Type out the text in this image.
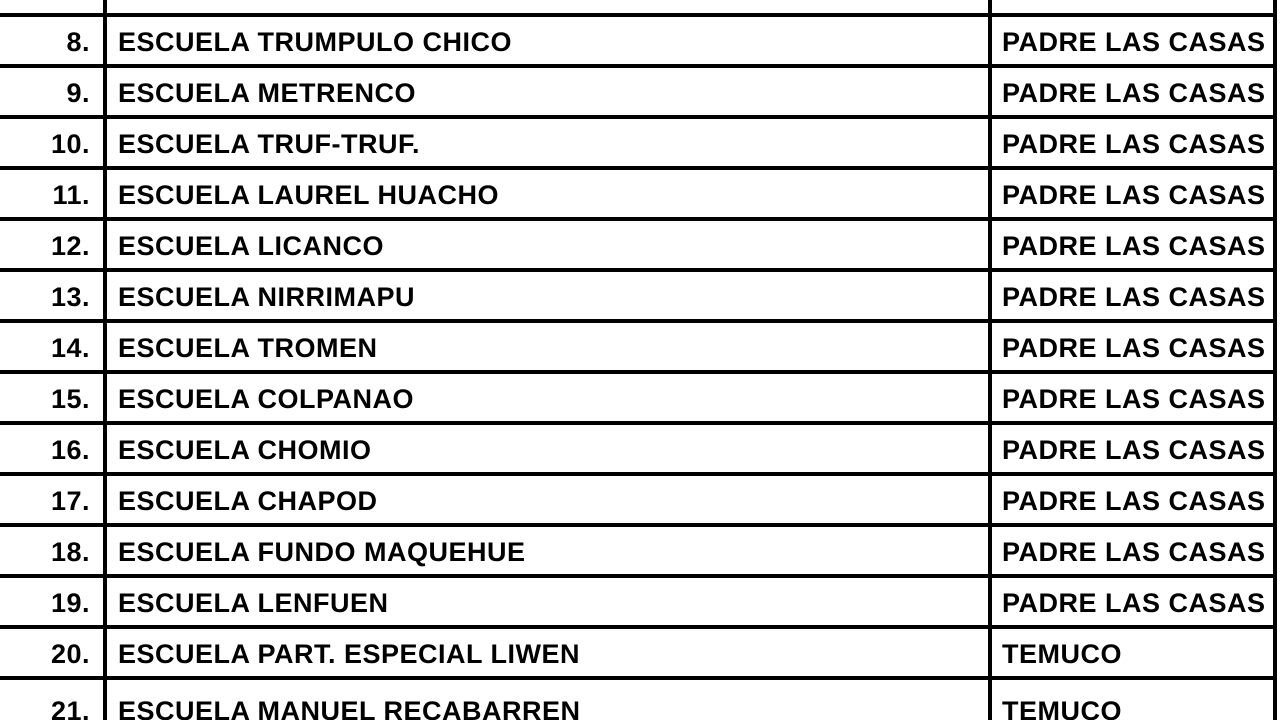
8.	ESCUELA TRUMPULO CHICO	PADRE LAS CASAS
9.	ESCUELA METRENCO	PADRE LAS CASAS
10.	ESCUELA TRUF-TRUF.	PADRE LAS CASAS
11.	ESCUELA LAUREL HUACHO	PADRE LAS CASAS
12.	ESCUELA LICANCO	PADRE LAS CASAS
13.	ESCUELA NIRRIMAPU	PADRE LAS CASAS
14.	ESCUELA TROMEN	PADRE LAS CASAS
15.	ESCUELA COLPANAO	PADRE LAS CASAS
16.	ESCUELA CHOMIO	PADRE LAS CASAS
17.	ESCUELA CHAPOD	PADRE LAS CASAS
18.	ESCUELA FUNDO MAQUEHUE	PADRE LAS CASAS
19.	ESCUELA LENFUEN	PADRE LAS CASAS
20.	ESCUELA PART. ESPECIAL LIWEN	TEMUCO
21.	ESCUELA MANUEL RECABARREN	TEMUCO
